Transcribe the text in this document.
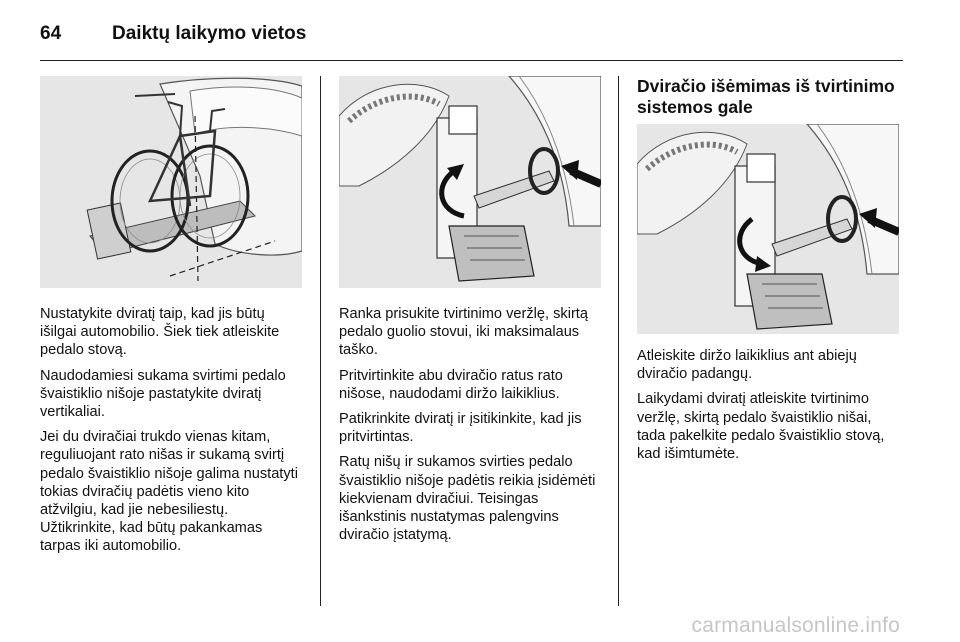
64	Daiktų laikymo vietos

Nustatykite dviratį taip, kad jis būtų išilgai automobilio. Šiek tiek atleiskite pedalo stovą.

Naudodamiesi sukama svirtimi pedalo švaistiklio nišoje pastatykite dviratį vertikaliai.

Jei du dviračiai trukdo vienas kitam, reguliuojant rato nišas ir sukamą svirtį pedalo švaistiklio nišoje galima nustatyti tokias dviračių padėtis vieno kito atžvilgiu, kad jie nebesiliestų. Užtikrinkite, kad būtų pakankamas tarpas iki automobilio.

Ranka prisukite tvirtinimo veržlę, skirtą pedalo guolio stovui, iki maksimalaus taško.

Pritvirtinkite abu dviračio ratus rato nišose, naudodami diržo laikiklius.

Patikrinkite dviratį ir įsitikinkite, kad jis pritvirtintas.

Ratų nišų ir sukamos svirties pedalo švaistiklio nišoje padėtis reikia įsidėmėti kiekvienam dviračiui. Teisingas išankstinis nustatymas palengvins dviračio įstatymą.

Dviračio išėmimas iš tvirtinimo sistemos gale

Atleiskite diržo laikiklius ant abiejų dviračio padangų.

Laikydami dviratį atleiskite tvirtinimo veržlę, skirtą pedalo švaistiklio nišai, tada pakelkite pedalo švaistiklio stovą, kad išimtumėte.

carmanualsonline.info
